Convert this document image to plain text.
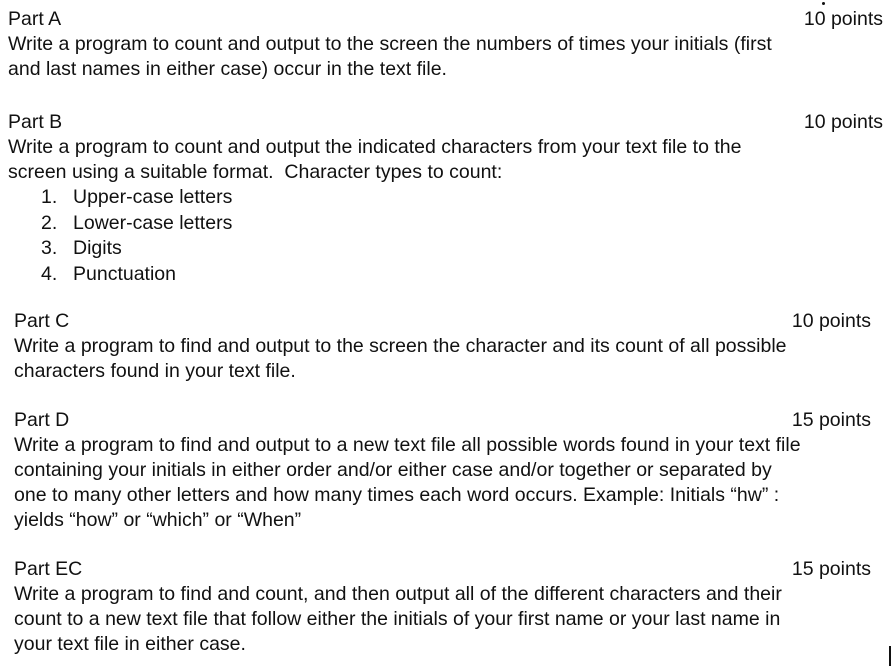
Part A	10 points
Write a program to count and output to the screen the numbers of times your initials (first
and last names in either case) occur in the text file.
Part B	10 points
Write a program to count and output the indicated characters from your text file to the
screen using a suitable format.  Character types to count:
1. Upper-case letters
2. Lower-case letters
3. Digits
4. Punctuation
Part C	10 points
Write a program to find and output to the screen the character and its count of all possible
characters found in your text file.
Part D	15 points
Write a program to find and output to a new text file all possible words found in your text file
containing your initials in either order and/or either case and/or together or separated by
one to many other letters and how many times each word occurs. Example: Initials “hw” :
yields “how” or “which” or “When”
Part EC	15 points
Write a program to find and count, and then output all of the different characters and their
count to a new text file that follow either the initials of your first name or your last name in
your text file in either case.
